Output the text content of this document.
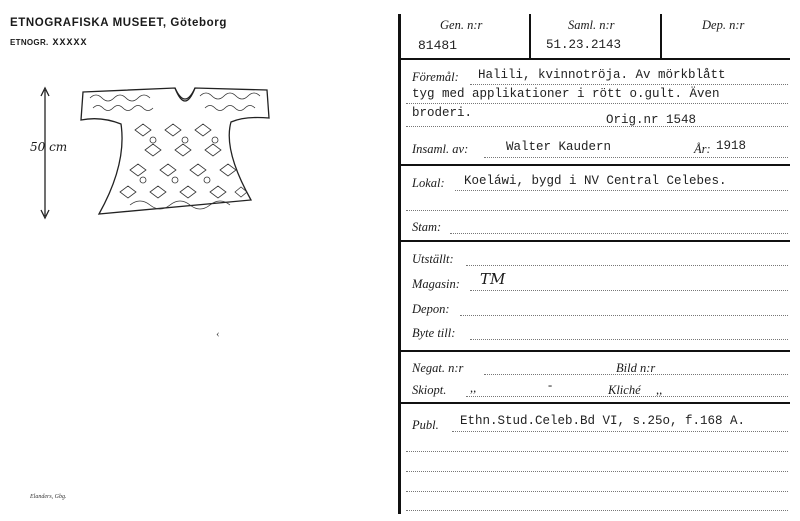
ETNOGRAFISKA MUSEET, Göteborg
ETNOGR. XXXXX
50 cm
‹
Elanders, Gbg.
Gen. n:r
81481
Saml. n:r
51.23.2143
Dep. n:r
Föremål: Halili, kvinnotröja. Av mörkblått
tyg med applikationer i rött o.gult. Även
broderi.	Orig.nr 1548
Insaml. av:	Walter Kaudern	År: 1918
Lokal: Koeláwi, bygd i NV Central Celebes.
Stam:
Utställt:
Magasin: TM
Depon:
Byte till:
Negat. n:r	Bild n:r
Skiopt. ,,	-	Kliché ,,
Publ. Ethn.Stud.Celeb.Bd VI, s.25o, f.168 A.
